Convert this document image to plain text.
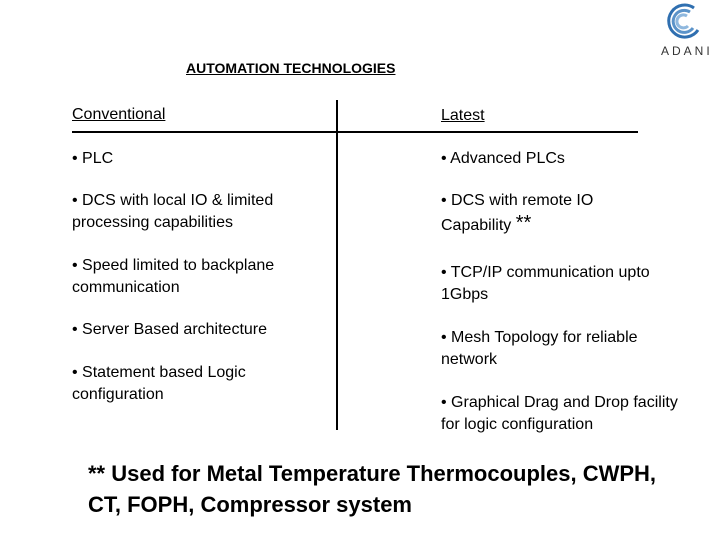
ADANI
AUTOMATION TECHNOLOGIES
Conventional	Latest
• PLC
• DCS with local IO & limited processing capabilities
• Speed limited to backplane communication
• Server Based architecture
• Statement based Logic configuration
• Advanced PLCs
• DCS with remote IO Capability **
• TCP/IP communication upto 1Gbps
• Mesh Topology for reliable network
• Graphical Drag and Drop facility for logic configuration
** Used for Metal Temperature Thermocouples, CWPH, CT, FOPH, Compressor system
